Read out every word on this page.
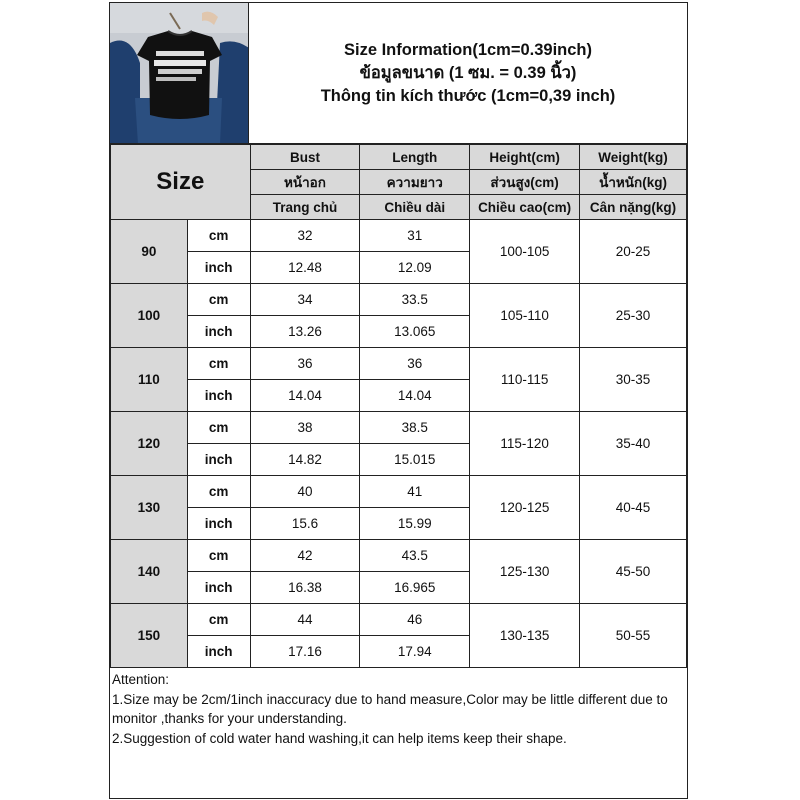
Size Information(1cm=0.39inch)
ข้อมูลขนาด (1 ซม. = 0.39 นิ้ว)
Thông tin kích thước (1cm=0,39 inch)
Size		Bust	Length	Height(cm)	Weight(kg)
		หน้าอก	ความยาว	ส่วนสูง(cm)	น้ำหนัก(kg)
		Trang chủ	Chiều dài	Chiều cao(cm)	Cân nặng(kg)
90	cm	32	31	100-105	20-25
	inch	12.48	12.09		
100	cm	34	33.5	105-110	25-30
	inch	13.26	13.065		
110	cm	36	36	110-115	30-35
	inch	14.04	14.04		
120	cm	38	38.5	115-120	35-40
	inch	14.82	15.015		
130	cm	40	41	120-125	40-45
	inch	15.6	15.99		
140	cm	42	43.5	125-130	45-50
	inch	16.38	16.965		
150	cm	44	46	130-135	50-55
	inch	17.16	17.94		
Attention:
1.Size may be 2cm/1inch inaccuracy due to hand measure,Color may be little different due to monitor ,thanks for your understanding.
2.Suggestion of cold water hand washing,it can help items keep their shape.
